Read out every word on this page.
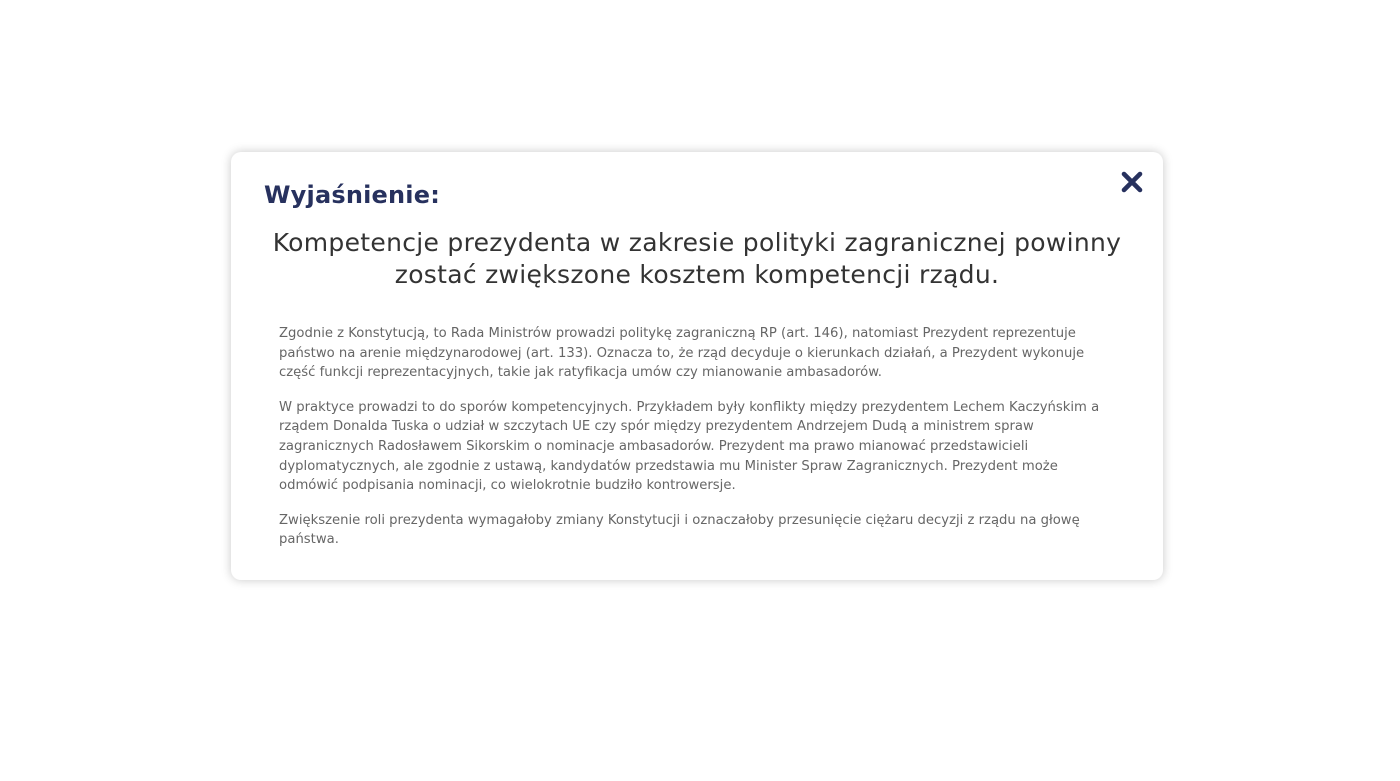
Wyjaśnienie:
Kompetencje prezydenta w zakresie polityki zagranicznej powinny zostać zwiększone kosztem kompetencji rządu.

Zgodnie z Konstytucją, to Rada Ministrów prowadzi politykę zagraniczną RP (art. 146), natomiast Prezydent reprezentuje państwo na arenie międzynarodowej (art. 133). Oznacza to, że rząd decyduje o kierunkach działań, a Prezydent wykonuje część funkcji reprezentacyjnych, takie jak ratyfikacja umów czy mianowanie ambasadorów.

W praktyce prowadzi to do sporów kompetencyjnych. Przykładem były konflikty między prezydentem Lechem Kaczyńskim a rządem Donalda Tuska o udział w szczytach UE czy spór między prezydentem Andrzejem Dudą a ministrem spraw zagranicznych Radosławem Sikorskim o nominacje ambasadorów. Prezydent ma prawo mianować przedstawicieli dyplomatycznych, ale zgodnie z ustawą, kandydatów przedstawia mu Minister Spraw Zagranicznych. Prezydent może odmówić podpisania nominacji, co wielokrotnie budziło kontrowersje.

Zwiększenie roli prezydenta wymagałoby zmiany Konstytucji i oznaczałoby przesunięcie ciężaru decyzji z rządu na głowę państwa.
